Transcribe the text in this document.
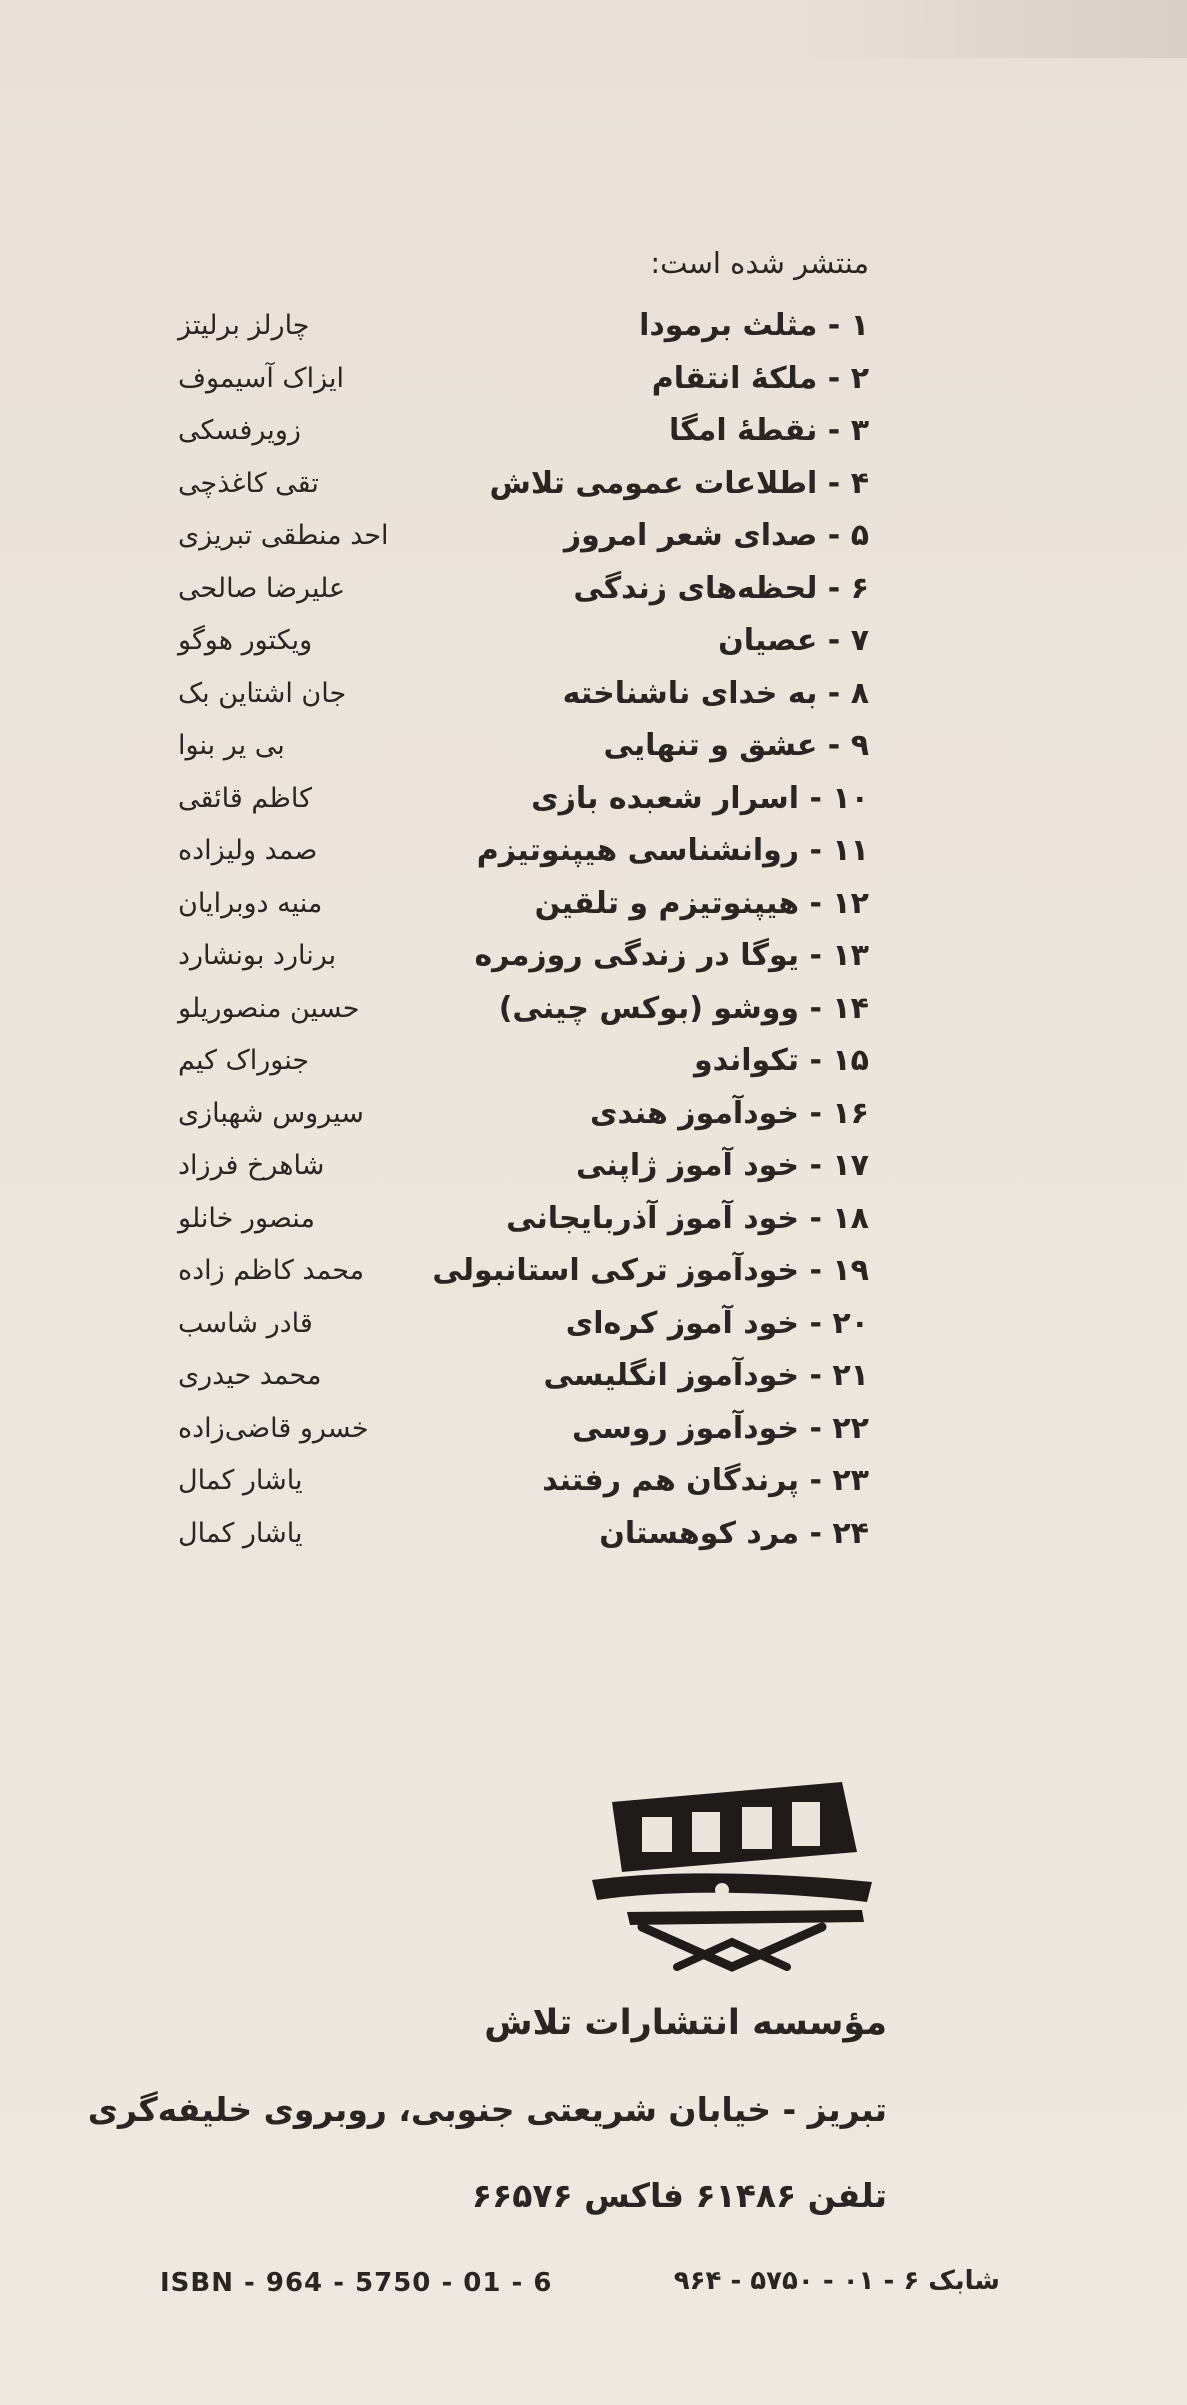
منتشر شده است:
۱ - مثلث برمودا
۲ - ملکهٔ انتقام
۳ - نقطهٔ امگا
۴ - اطلاعات عمومی تلاش
۵ - صدای شعر امروز
۶ - لحظه‌های زندگی
۷ - عصیان
۸ - به خدای ناشناخته
۹ - عشق و تنهایی
۱۰ - اسرار شعبده بازی
۱۱ - روانشناسی هیپنوتیزم
۱۲ - هیپنوتیزم و تلقین
۱۳ - یوگا در زندگی روزمره
۱۴ - ووشو (بوکس چینی)
۱۵ - تکواندو
۱۶ - خودآموز هندی
۱۷ - خود آموز ژاپنی
۱۸ - خود آموز آذربایجانی
۱۹ - خودآموز ترکی استانبولی
۲۰ - خود آموز کره‌ای
۲۱ - خودآموز انگلیسی
۲۲ - خودآموز روسی
۲۳ - پرندگان هم رفتند
۲۴ - مرد کوهستان
چارلز برلیتز
ایزاک آسیموف
زویرفسکی
تقی کاغذچی
احد منطقی تبریزی
علیرضا صالحی
ویکتور هوگو
جان اشتاین بک
بی یر بنوا
کاظم قائقی
صمد ولیزاده
منیه دوبرایان
برنارد بونشارد
حسین منصوریلو
جنوراک کیم
سیروس شهبازی
شاهرخ فرزاد
منصور خانلو
محمد کاظم زاده
قادر شاسب
محمد حیدری
خسرو قاضی‌زاده
یاشار کمال
یاشار کمال
مؤسسه انتشارات تلاش
تبریز - خیابان شریعتی جنوبی، روبروی خلیفه‌گری
تلفن ۶۱۴۸۶ فاکس ۶۶۵۷۶
ISBN - 964 - 5750 - 01 - 6	شابک ۶ - ۰۱ - ۵۷۵۰ - ۹۶۴
